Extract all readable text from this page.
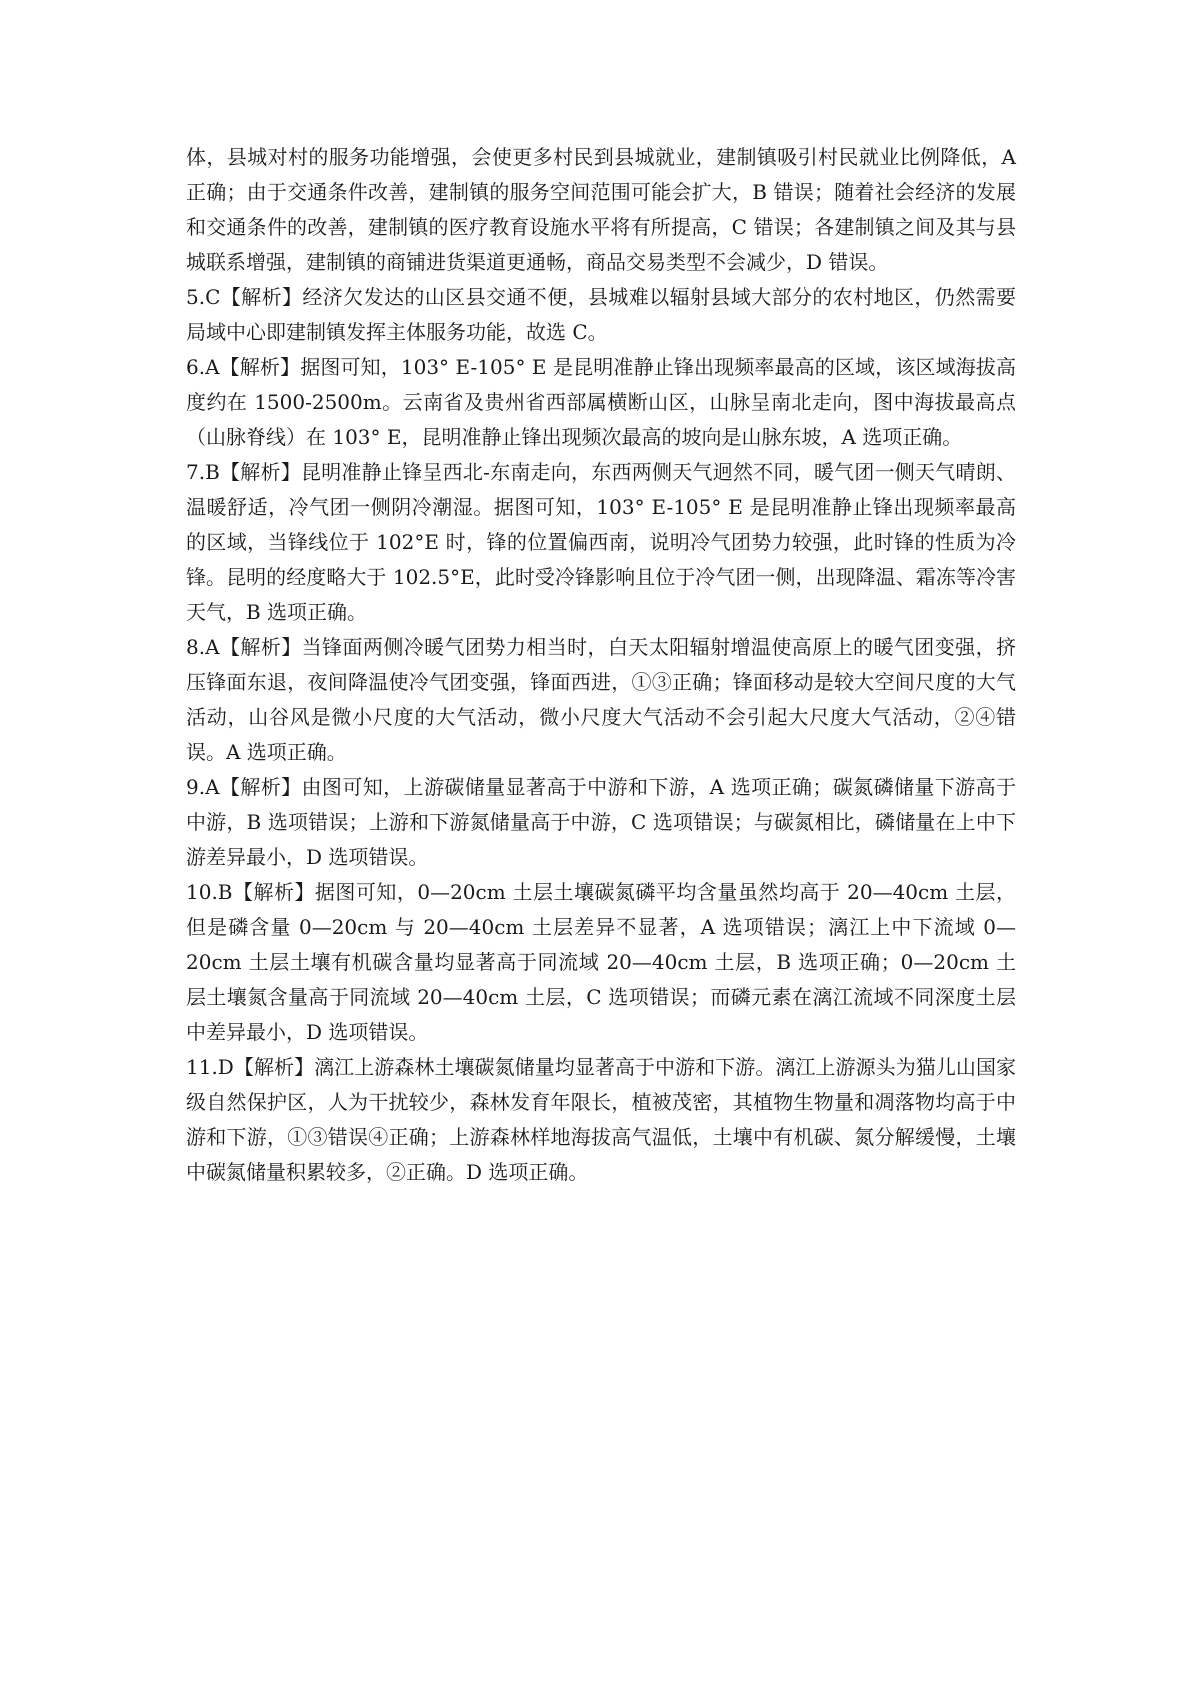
体，县城对村的服务功能增强，会使更多村民到县城就业，建制镇吸引村民就业比例降低，A 正确；由于交通条件改善，建制镇的服务空间范围可能会扩大，B 错误；随着社会经济的发展和交通条件的改善，建制镇的医疗教育设施水平将有所提高，C 错误；各建制镇之间及其与县城联系增强，建制镇的商铺进货渠道更通畅，商品交易类型不会减少，D 错误。

5.C【解析】经济欠发达的山区县交通不便，县城难以辐射县域大部分的农村地区，仍然需要局域中心即建制镇发挥主体服务功能，故选 C。

6.A【解析】据图可知，103° E-105° E 是昆明准静止锋出现频率最高的区域，该区域海拔高度约在 1500-2500m。云南省及贵州省西部属横断山区，山脉呈南北走向，图中海拔最高点（山脉脊线）在 103° E，昆明准静止锋出现频次最高的坡向是山脉东坡，A 选项正确。

7.B【解析】昆明准静止锋呈西北-东南走向，东西两侧天气迥然不同，暖气团一侧天气晴朗、温暖舒适，冷气团一侧阴冷潮湿。据图可知，103° E-105° E 是昆明准静止锋出现频率最高的区域，当锋线位于 102°E 时，锋的位置偏西南，说明冷气团势力较强，此时锋的性质为冷锋。昆明的经度略大于 102.5°E，此时受冷锋影响且位于冷气团一侧，出现降温、霜冻等冷害天气，B 选项正确。

8.A【解析】当锋面两侧冷暖气团势力相当时，白天太阳辐射增温使高原上的暖气团变强，挤压锋面东退，夜间降温使冷气团变强，锋面西进，①③正确；锋面移动是较大空间尺度的大气活动，山谷风是微小尺度的大气活动，微小尺度大气活动不会引起大尺度大气活动，②④错误。A 选项正确。

9.A【解析】由图可知，上游碳储量显著高于中游和下游，A 选项正确；碳氮磷储量下游高于中游，B 选项错误；上游和下游氮储量高于中游，C 选项错误；与碳氮相比，磷储量在上中下游差异最小，D 选项错误。

10.B【解析】据图可知，0—20cm 土层土壤碳氮磷平均含量虽然均高于 20—40cm 土层，但是磷含量 0—20cm 与 20—40cm 土层差异不显著，A 选项错误；漓江上中下流域 0—20cm 土层土壤有机碳含量均显著高于同流域 20—40cm 土层，B 选项正确；0—20cm 土层土壤氮含量高于同流域 20—40cm 土层，C 选项错误；而磷元素在漓江流域不同深度土层中差异最小，D 选项错误。

11.D【解析】漓江上游森林土壤碳氮储量均显著高于中游和下游。漓江上游源头为猫儿山国家级自然保护区，人为干扰较少，森林发育年限长，植被茂密，其植物生物量和凋落物均高于中游和下游，①③错误④正确；上游森林样地海拔高气温低，土壤中有机碳、氮分解缓慢，土壤中碳氮储量积累较多，②正确。D 选项正确。
